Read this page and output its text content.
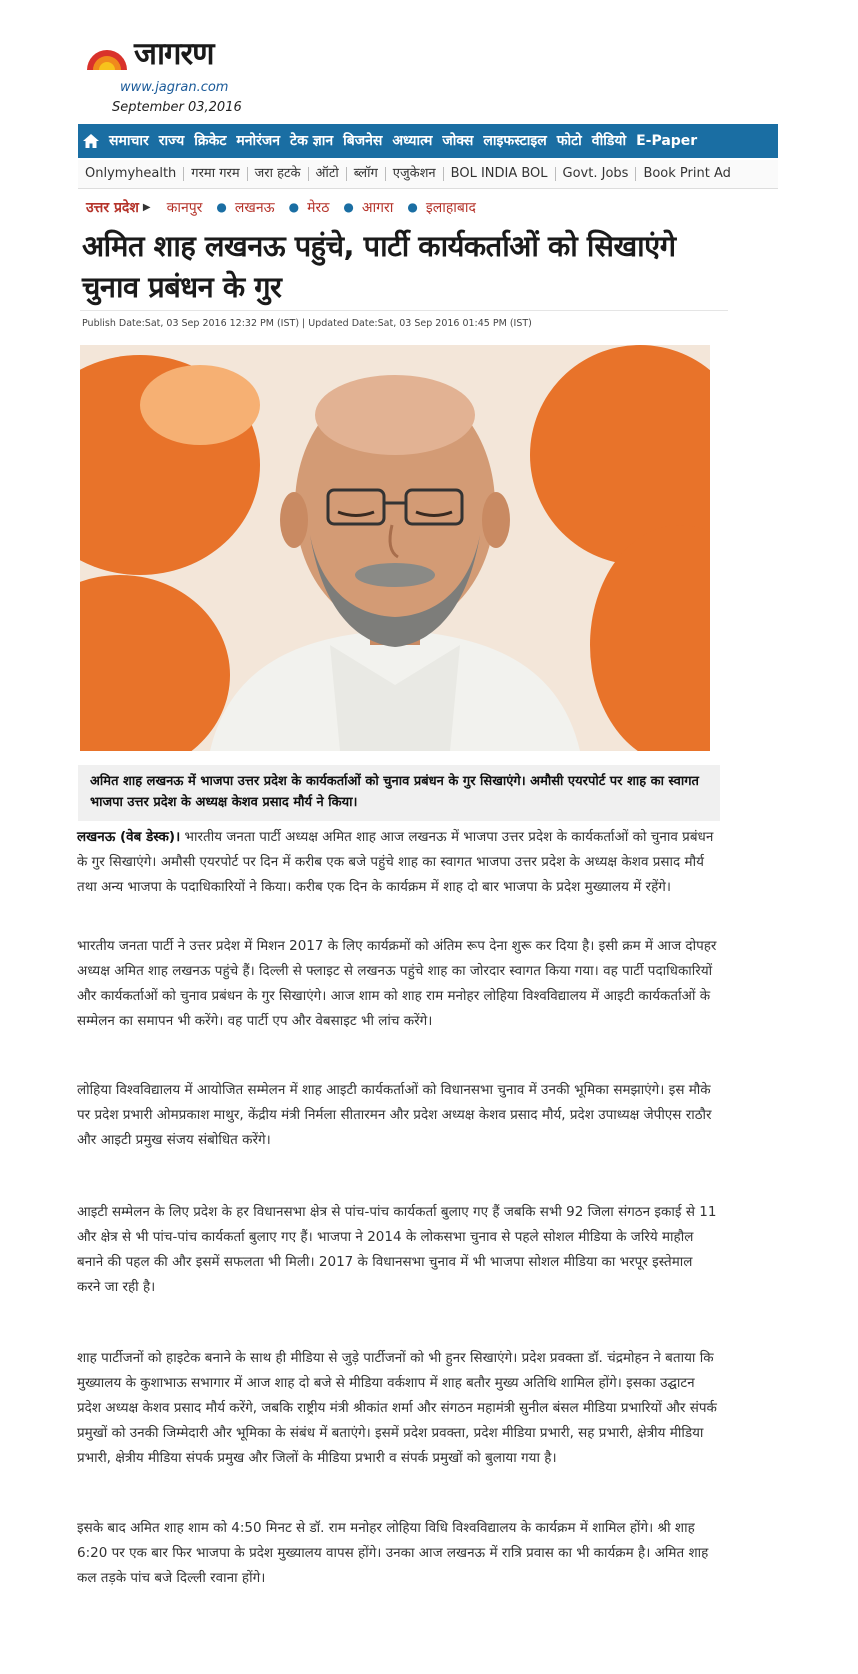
जागरण
www.jagran.com
September 03,2016
समाचार राज्य क्रिकेट मनोरंजन टेक ज्ञान बिजनेस अध्यात्म जोक्स लाइफस्टाइल फोटो वीडियो E-Paper
Onlymyhealth	गरमा गरम	जरा हटके	ऑटो	ब्लॉग	एजुकेशन	BOL INDIA BOL	Govt. Jobs	Book Print Ad
उत्तर प्रदेश ▶ कानपुर ● लखनऊ ● मेरठ ● आगरा ● इलाहाबाद
अमित शाह लखनऊ पहुंचे, पार्टी कार्यकर्ताओं को सिखाएंगे चुनाव प्रबंधन के गुर
Publish Date:Sat, 03 Sep 2016 12:32 PM (IST) | Updated Date:Sat, 03 Sep 2016 01:45 PM (IST)
अमित शाह लखनऊ में भाजपा उत्तर प्रदेश के कार्यकर्ताओं को चुनाव प्रबंधन के गुर सिखाएंगे। अमौसी एयरपोर्ट पर शाह का स्वागत भाजपा उत्तर प्रदेश के अध्यक्ष केशव प्रसाद मौर्य ने किया।

लखनऊ (वेब डेस्क)। भारतीय जनता पार्टी अध्यक्ष अमित शाह आज लखनऊ में भाजपा उत्तर प्रदेश के कार्यकर्ताओं को चुनाव प्रबंधन के गुर सिखाएंगे। अमौसी एयरपोर्ट पर दिन में करीब एक बजे पहुंचे शाह का स्वागत भाजपा उत्तर प्रदेश के अध्यक्ष केशव प्रसाद मौर्य तथा अन्य भाजपा के पदाधिकारियों ने किया। करीब एक दिन के कार्यक्रम में शाह दो बार भाजपा के प्रदेश मुख्यालय में रहेंगे।

भारतीय जनता पार्टी ने उत्तर प्रदेश में मिशन 2017 के लिए कार्यक्रमों को अंतिम रूप देना शुरू कर दिया है। इसी क्रम में आज दोपहर अध्यक्ष अमित शाह लखनऊ पहुंचे हैं। दिल्ली से फ्लाइट से लखनऊ पहुंचे शाह का जोरदार स्वागत किया गया। वह पार्टी पदाधिकारियों और कार्यकर्ताओं को चुनाव प्रबंधन के गुर सिखाएंगे। आज शाम को शाह राम मनोहर लोहिया विश्वविद्यालय में आइटी कार्यकर्ताओं के सम्मेलन का समापन भी करेंगे। वह पार्टी एप और वेबसाइट भी लांच करेंगे।

लोहिया विश्वविद्यालय में आयोजित सम्मेलन में शाह आइटी कार्यकर्ताओं को विधानसभा चुनाव में उनकी भूमिका समझाएंगे। इस मौके पर प्रदेश प्रभारी ओमप्रकाश माथुर, केंद्रीय मंत्री निर्मला सीतारमन और प्रदेश अध्यक्ष केशव प्रसाद मौर्य, प्रदेश उपाध्यक्ष जेपीएस राठौर और आइटी प्रमुख संजय संबोधित करेंगे।

आइटी सम्मेलन के लिए प्रदेश के हर विधानसभा क्षेत्र से पांच-पांच कार्यकर्ता बुलाए गए हैं जबकि सभी 92 जिला संगठन इकाई से 11 और क्षेत्र से भी पांच-पांच कार्यकर्ता बुलाए गए हैं। भाजपा ने 2014 के लोकसभा चुनाव से पहले सोशल मीडिया के जरिये माहौल बनाने की पहल की और इसमें सफलता भी मिली। 2017 के विधानसभा चुनाव में भी भाजपा सोशल मीडिया का भरपूर इस्तेमाल करने जा रही है।

शाह पार्टीजनों को हाइटेक बनाने के साथ ही मीडिया से जुड़े पार्टीजनों को भी हुनर सिखाएंगे। प्रदेश प्रवक्ता डॉ. चंद्रमोहन ने बताया कि मुख्यालय के कुशाभाऊ सभागार में आज शाह दो बजे से मीडिया वर्कशाप में शाह बतौर मुख्य अतिथि शामिल होंगे। इसका उद्घाटन प्रदेश अध्यक्ष केशव प्रसाद मौर्य करेंगे, जबकि राष्ट्रीय मंत्री श्रीकांत शर्मा और संगठन महामंत्री सुनील बंसल मीडिया प्रभारियों और संपर्क प्रमुखों को उनकी जिम्मेदारी और भूमिका के संबंध में बताएंगे। इसमें प्रदेश प्रवक्ता, प्रदेश मीडिया प्रभारी, सह प्रभारी, क्षेत्रीय मीडिया प्रभारी, क्षेत्रीय मीडिया संपर्क प्रमुख और जिलों के मीडिया प्रभारी व संपर्क प्रमुखों को बुलाया गया है।

इसके बाद अमित शाह शाम को 4:50 मिनट से डॉ. राम मनोहर लोहिया विधि विश्वविद्यालय के कार्यक्रम में शामिल होंगे। श्री शाह 6:20 पर एक बार फिर भाजपा के प्रदेश मुख्यालय वापस होंगे। उनका आज लखनऊ में रात्रि प्रवास का भी कार्यक्रम है। अमित शाह कल तड़के पांच बजे दिल्ली रवाना होंगे।
